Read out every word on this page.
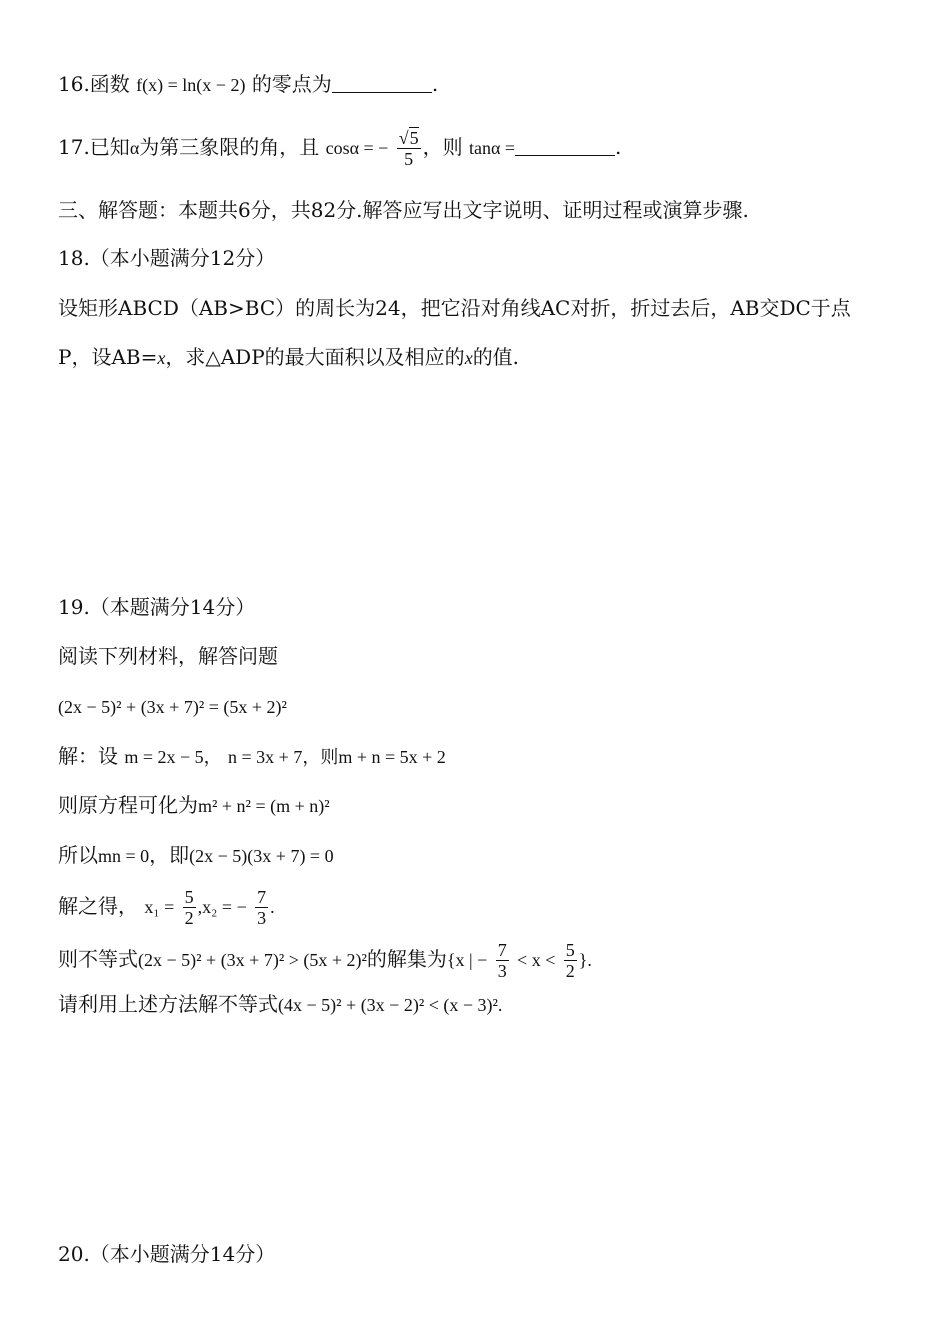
16.函数 f(x) = ln(x − 2) 的零点为	.
17.已知α为第三象限的角，且 cosα = − $\frac{√5}{5}$ ，则 tanα =	.
三、解答题：本题共6分，共82分.解答应写出文字说明、证明过程或演算步骤.
18.（本小题满分12分）
设矩形ABCD（AB>BC）的周长为24，把它沿对角线AC对折，折过去后，AB交DC于点
P，设AB=x，求△ADP的最大面积以及相应的x的值.
19.（本题满分14分）
阅读下列材料，解答问题
(2x − 5)² + (3x + 7)² = (5x + 2)²
解：设 m = 2x − 5， n = 3x + 7，则m + n = 5x + 2
则原方程可化为m² + n² = (m + n)²
所以mn = 0，即(2x − 5)(3x + 7) = 0
解之得， $x_1 = \frac{5}{2} ,x_2$ = − $\frac{7}{3}$ .
则不等式(2x − 5)² + (3x + 7)² > (5x + 2)²的解集为{x | − $\frac{7}{3} < x < \frac{5}{2}$ }.
请利用上述方法解不等式(4x − 5)² + (3x − 2)² < (x − 3)².
20.（本小题满分14分）
